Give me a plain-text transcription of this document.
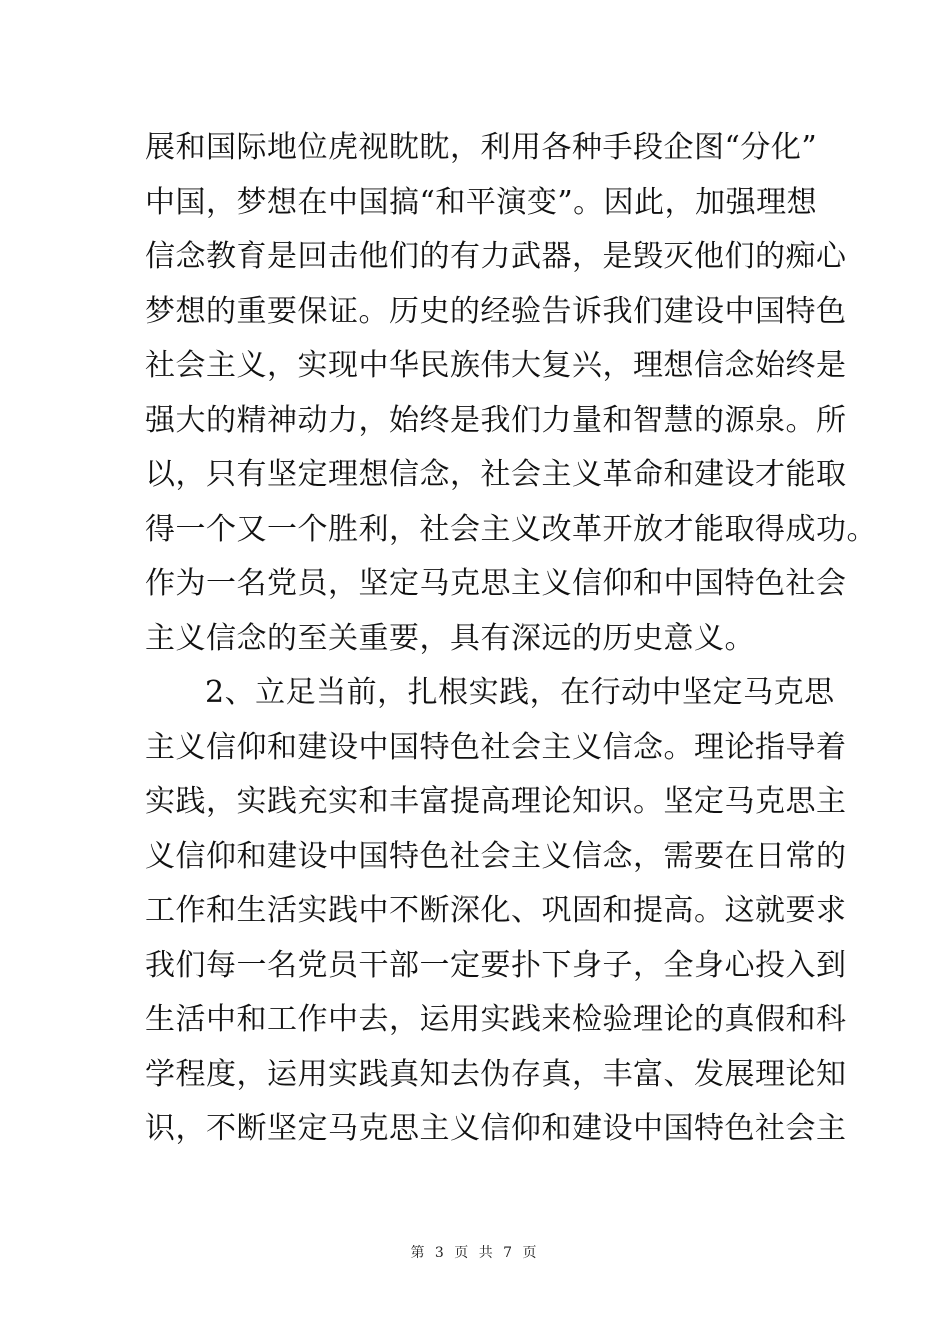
展和国际地位虎视眈眈，利用各种手段企图“分化”
中国，梦想在中国搞“和平演变”。因此，加强理想
信念教育是回击他们的有力武器，是毁灭他们的痴心
梦想的重要保证。历史的经验告诉我们建设中国特色
社会主义，实现中华民族伟大复兴，理想信念始终是
强大的精神动力，始终是我们力量和智慧的源泉。所
以，只有坚定理想信念，社会主义革命和建设才能取
得一个又一个胜利，社会主义改革开放才能取得成功。
作为一名党员，坚定马克思主义信仰和中国特色社会
主义信念的至关重要，具有深远的历史意义。
2、立足当前，扎根实践，在行动中坚定马克思
主义信仰和建设中国特色社会主义信念。理论指导着
实践，实践充实和丰富提高理论知识。坚定马克思主
义信仰和建设中国特色社会主义信念，需要在日常的
工作和生活实践中不断深化、巩固和提高。这就要求
我们每一名党员干部一定要扑下身子，全身心投入到
生活中和工作中去，运用实践来检验理论的真假和科
学程度，运用实践真知去伪存真，丰富、发展理论知
识，不断坚定马克思主义信仰和建设中国特色社会主
第 3 页 共 7 页
